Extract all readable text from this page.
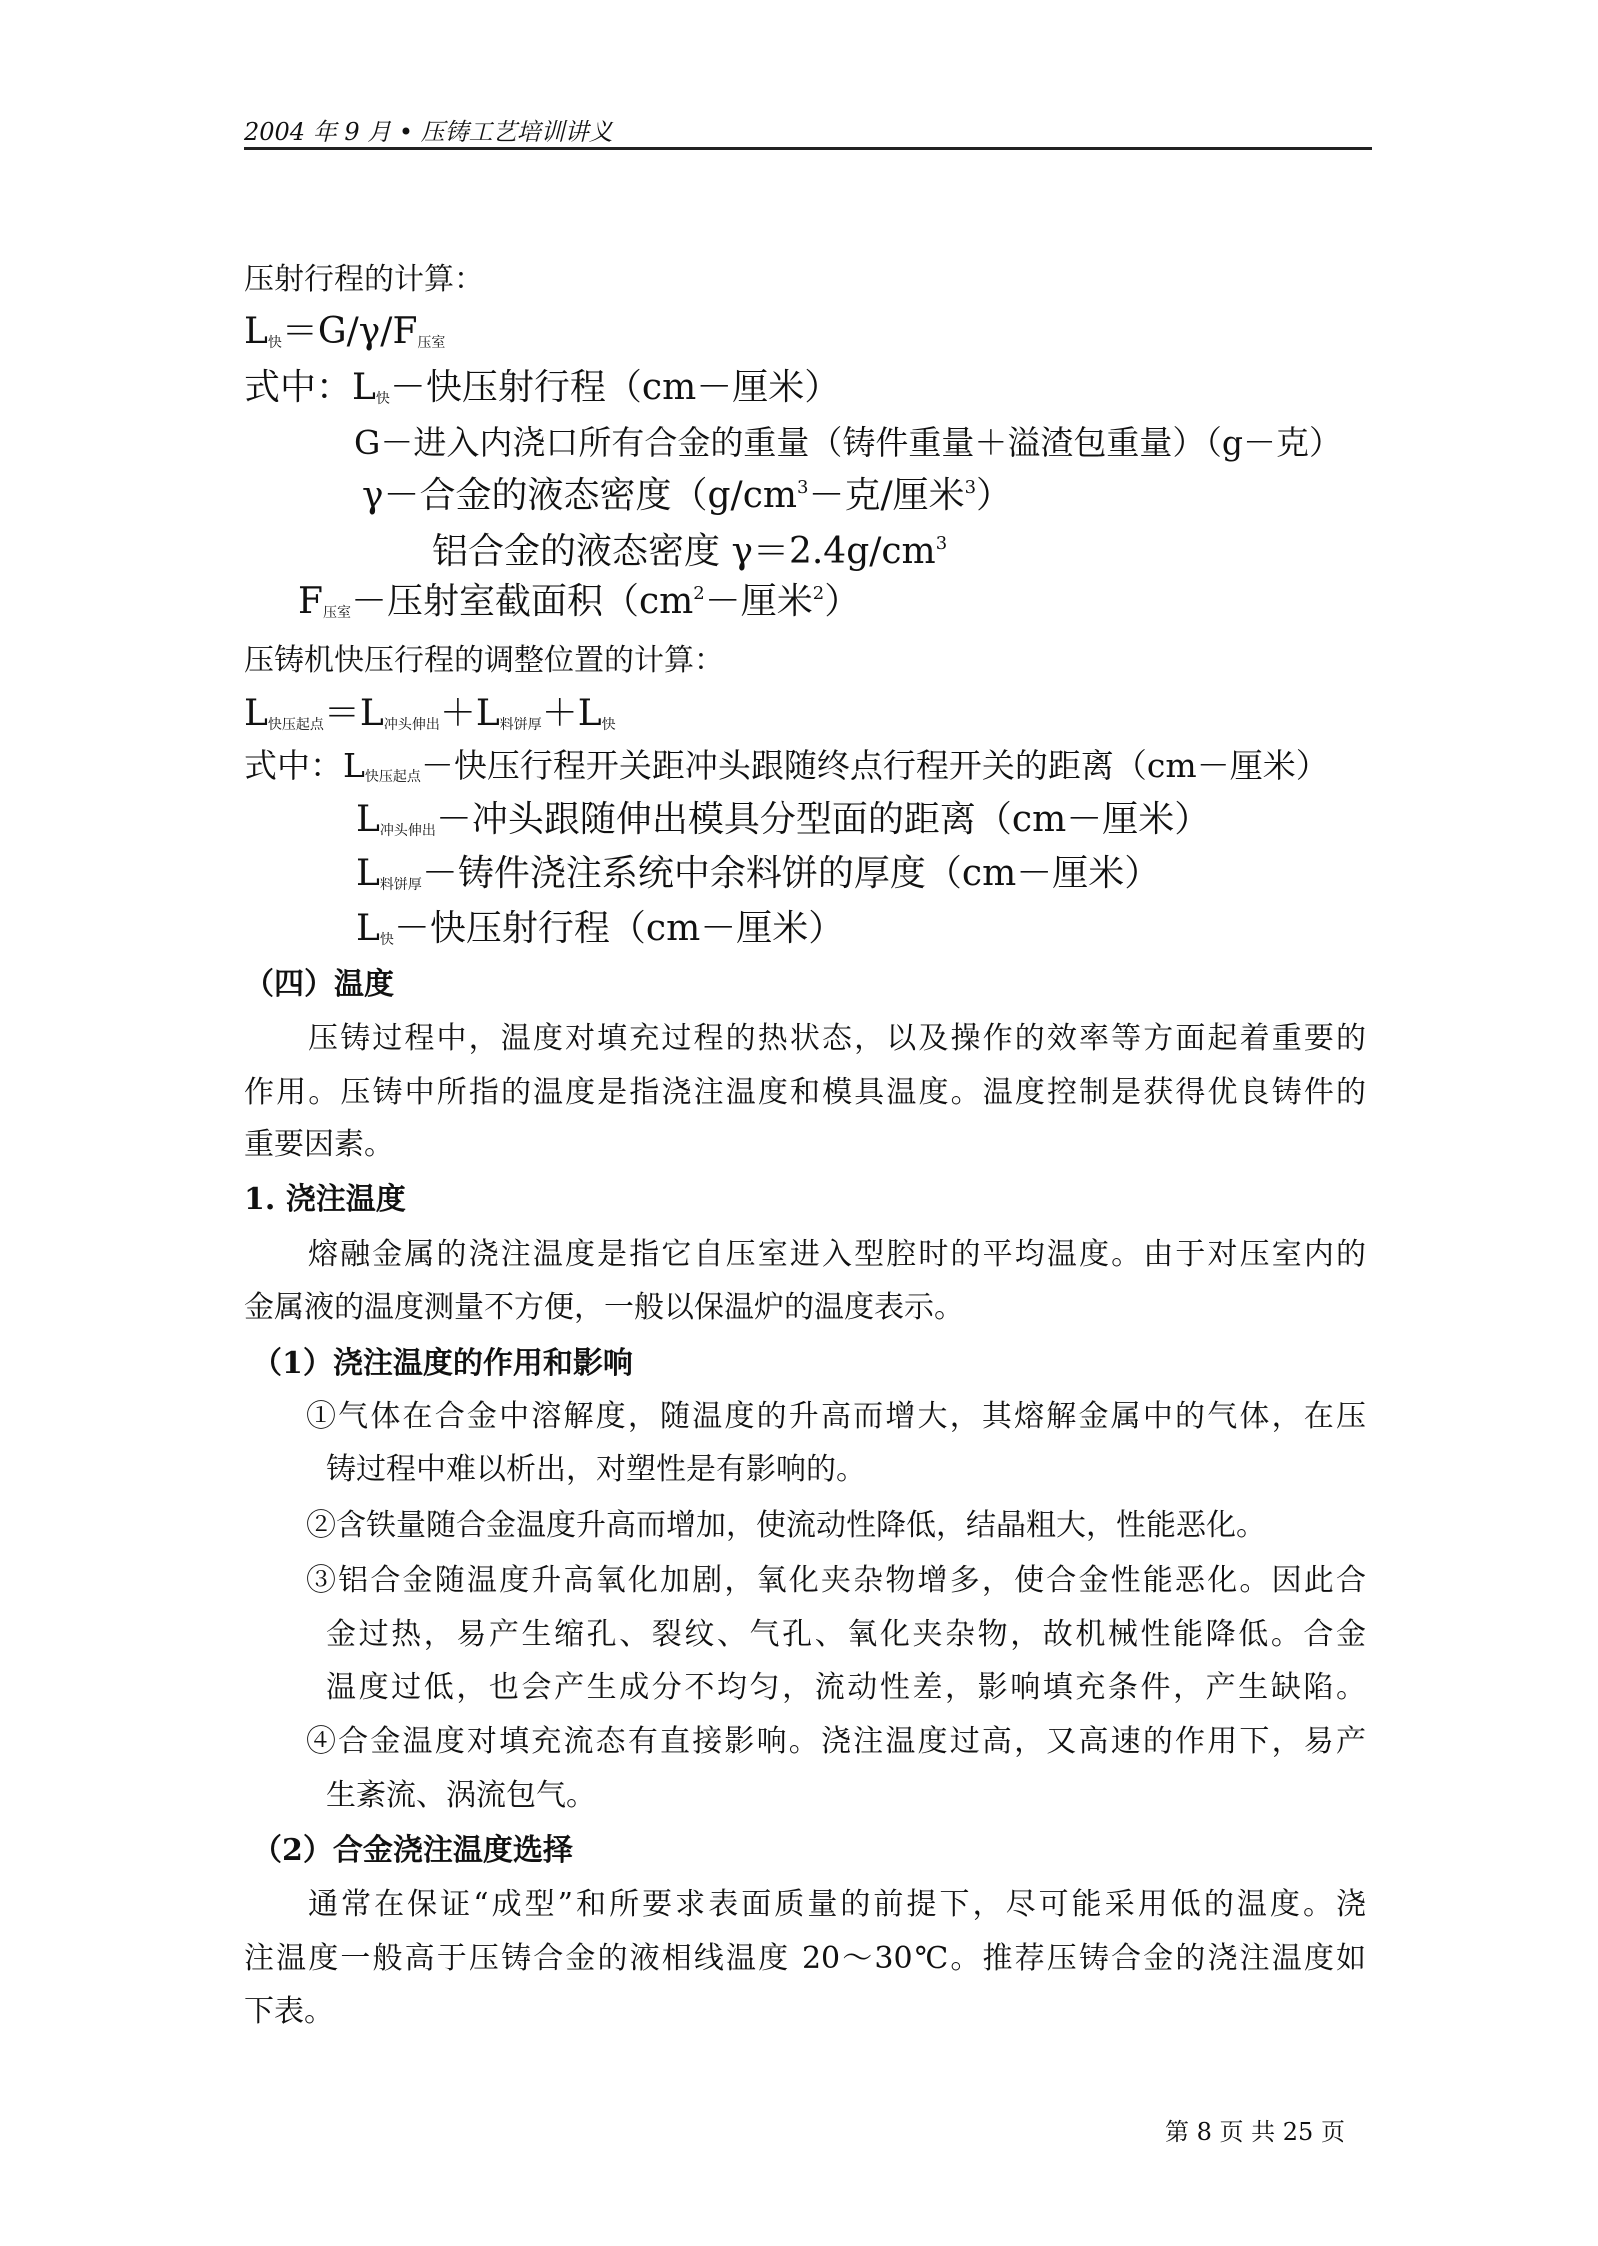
2004 年 9 月 • 压铸工艺培训讲义
压射行程的计算：
$L_快=G/\gamma/F_{压室}$
式中：$L_快-$快压射行程（cm－厘米）
G－进入内浇口所有合金的重量（铸件重量＋溢渣包重量）（g－克）
γ－合金的液态密度（$g/cm^3-$克/厘米$^3$）
铝合金的液态密度 $\gamma=2.4g/cm^3$
$F_{压室}-$压射室截面积（$cm^2-$厘米$^2$）
压铸机快压行程的调整位置的计算：
$L_{快压起点}=L_{冲头伸出}+L_{料饼厚}+L_快$
式中：$L_{快压起点}-$快压行程开关距冲头跟随终点行程开关的距离（cm－厘米）
$L_{冲头伸出}-$冲头跟随伸出模具分型面的距离（cm－厘米）
$L_{料饼厚}-$铸件浇注系统中余料饼的厚度（cm－厘米）
$L_快-$快压射行程（cm－厘米）
（四）温度
压铸过程中，温度对填充过程的热状态，以及操作的效率等方面起着重要的
作用。压铸中所指的温度是指浇注温度和模具温度。温度控制是获得优良铸件的
重要因素。
1. 浇注温度
熔融金属的浇注温度是指它自压室进入型腔时的平均温度。由于对压室内的
金属液的温度测量不方便，一般以保温炉的温度表示。
（1）浇注温度的作用和影响
①气体在合金中溶解度，随温度的升高而增大，其熔解金属中的气体，在压
铸过程中难以析出，对塑性是有影响的。
②含铁量随合金温度升高而增加，使流动性降低，结晶粗大，性能恶化。
③铝合金随温度升高氧化加剧，氧化夹杂物增多，使合金性能恶化。因此合
金过热，易产生缩孔、裂纹、气孔、氧化夹杂物，故机械性能降低。合金
温度过低，也会产生成分不均匀，流动性差，影响填充条件，产生缺陷。
④合金温度对填充流态有直接影响。浇注温度过高，又高速的作用下，易产
生紊流、涡流包气。
（2）合金浇注温度选择
通常在保证“成型”和所要求表面质量的前提下，尽可能采用低的温度。浇
注温度一般高于压铸合金的液相线温度 20～30℃。推荐压铸合金的浇注温度如
下表。
第 8 页 共 25 页
